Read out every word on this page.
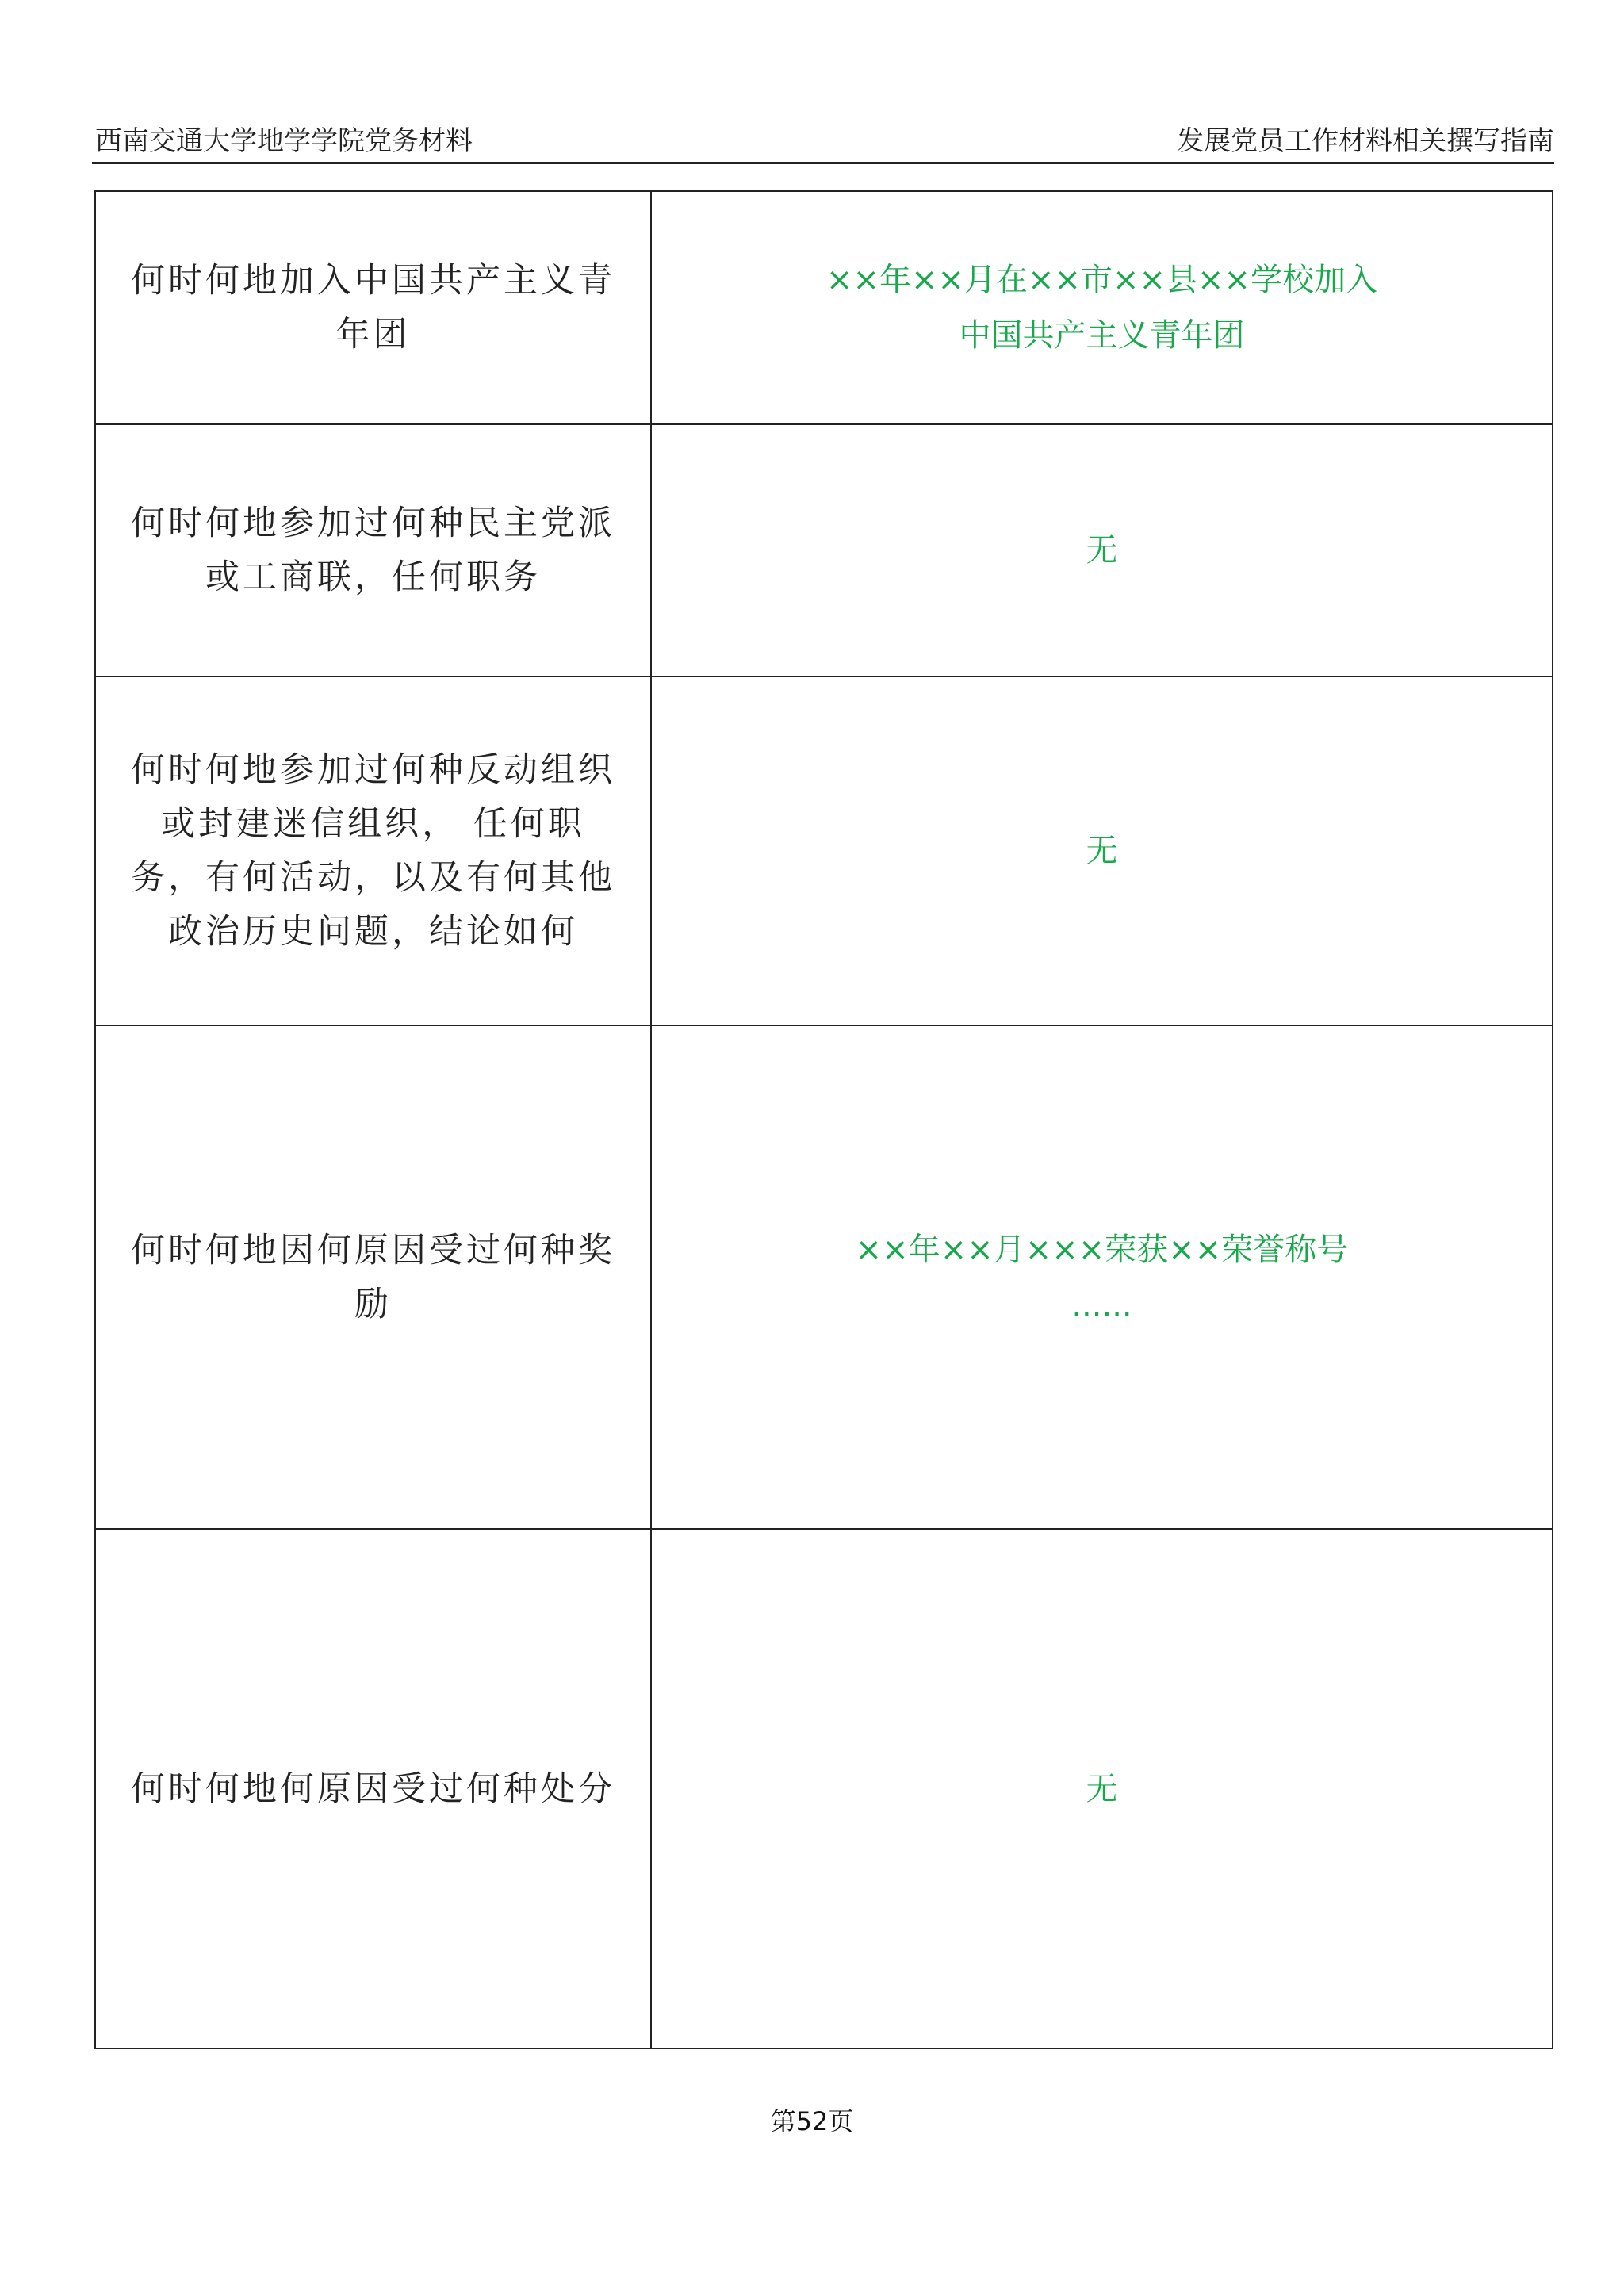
西南交通大学地学学院党务材料	发展党员工作材料相关撰写指南
何时何地加入中国共产主义青年团	××年××月在××市××县××学校加入
中国共产主义青年团

何时何地参加过何种民主党派或工商联，任何职务	无

何时何地参加过何种反动组织或封建迷信组织， 任何职务，有何活动，以及有何其他政治历史问题，结论如何	无

何时何地因何原因受过何种奖励	××年××月×××荣获××荣誉称号
......

何时何地何原因受过何种处分	无
第52页
